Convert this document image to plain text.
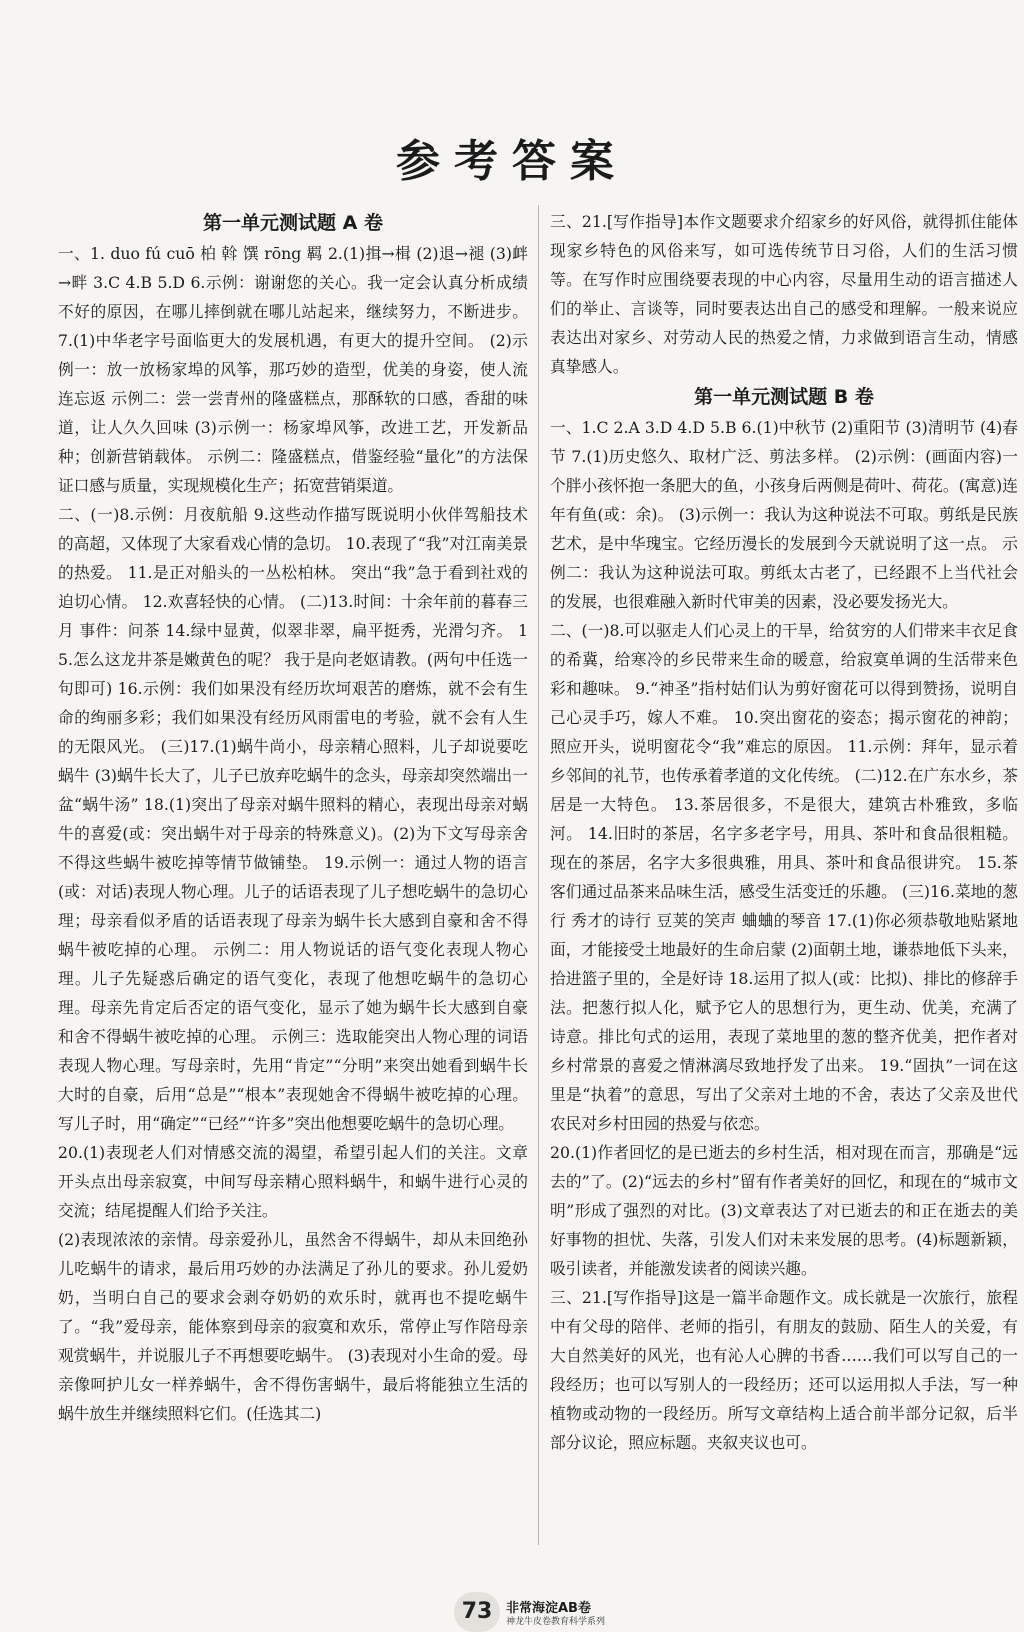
参考答案
第一单元测试题 A 卷

一、1. duo fú cuō 柏 斡 馔 rōng 羁 2.(1)揖→楫 (2)退→褪 (3)衅→畔 3.C 4.B 5.D 6.示例：谢谢您的关心。我一定会认真分析成绩不好的原因，在哪儿摔倒就在哪儿站起来，继续努力，不断进步。 7.(1)中华老字号面临更大的发展机遇，有更大的提升空间。 (2)示例一：放一放杨家埠的风筝，那巧妙的造型，优美的身姿，使人流连忘返 示例二：尝一尝青州的隆盛糕点，那酥软的口感，香甜的味道，让人久久回味 (3)示例一：杨家埠风筝，改进工艺，开发新品种；创新营销载体。 示例二：隆盛糕点，借鉴经验“量化”的方法保证口感与质量，实现规模化生产；拓宽营销渠道。

二、(一)8.示例：月夜航船 9.这些动作描写既说明小伙伴驾船技术的高超，又体现了大家看戏心情的急切。 10.表现了“我”对江南美景的热爱。 11.是正对船头的一丛松柏林。 突出“我”急于看到社戏的迫切心情。 12.欢喜轻快的心情。 (二)13.时间：十余年前的暮春三月 事件：问茶 14.绿中显黄，似翠非翠，扁平挺秀，光滑匀齐。 15.怎么这龙井茶是嫩黄色的呢？ 我于是向老妪请教。(两句中任选一句即可) 16.示例：我们如果没有经历坎坷艰苦的磨炼，就不会有生命的绚丽多彩；我们如果没有经历风雨雷电的考验，就不会有人生的无限风光。 (三)17.(1)蜗牛尚小，母亲精心照料，儿子却说要吃蜗牛 (3)蜗牛长大了，儿子已放弃吃蜗牛的念头，母亲却突然端出一盆“蜗牛汤” 18.(1)突出了母亲对蜗牛照料的精心，表现出母亲对蜗牛的喜爱(或：突出蜗牛对于母亲的特殊意义)。(2)为下文写母亲舍不得这些蜗牛被吃掉等情节做铺垫。 19.示例一：通过人物的语言(或：对话)表现人物心理。儿子的话语表现了儿子想吃蜗牛的急切心理；母亲看似矛盾的话语表现了母亲为蜗牛长大感到自豪和舍不得蜗牛被吃掉的心理。 示例二：用人物说话的语气变化表现人物心理。儿子先疑惑后确定的语气变化，表现了他想吃蜗牛的急切心理。母亲先肯定后否定的语气变化，显示了她为蜗牛长大感到自豪和舍不得蜗牛被吃掉的心理。 示例三：选取能突出人物心理的词语表现人物心理。写母亲时，先用“肯定”“分明”来突出她看到蜗牛长大时的自豪，后用“总是”“根本”表现她舍不得蜗牛被吃掉的心理。写儿子时，用“确定”“已经”“许多”突出他想要吃蜗牛的急切心理。

20.(1)表现老人们对情感交流的渴望，希望引起人们的关注。文章开头点出母亲寂寞，中间写母亲精心照料蜗牛，和蜗牛进行心灵的交流；结尾提醒人们给予关注。

(2)表现浓浓的亲情。母亲爱孙儿，虽然舍不得蜗牛，却从未回绝孙儿吃蜗牛的请求，最后用巧妙的办法满足了孙儿的要求。孙儿爱奶奶，当明白自己的要求会剥夺奶奶的欢乐时，就再也不提吃蜗牛了。“我”爱母亲，能体察到母亲的寂寞和欢乐，常停止写作陪母亲观赏蜗牛，并说服儿子不再想要吃蜗牛。 (3)表现对小生命的爱。母亲像呵护儿女一样养蜗牛，舍不得伤害蜗牛，最后将能独立生活的蜗牛放生并继续照料它们。(任选其二)

三、21.[写作指导]本作文题要求介绍家乡的好风俗，就得抓住能体现家乡特色的风俗来写，如可选传统节日习俗，人们的生活习惯等。在写作时应围绕要表现的中心内容，尽量用生动的语言描述人们的举止、言谈等，同时要表达出自己的感受和理解。一般来说应表达出对家乡、对劳动人民的热爱之情，力求做到语言生动，情感真挚感人。

第一单元测试题 B 卷

一、1.C 2.A 3.D 4.D 5.B 6.(1)中秋节 (2)重阳节 (3)清明节 (4)春节 7.(1)历史悠久、取材广泛、剪法多样。 (2)示例：(画面内容)一个胖小孩怀抱一条肥大的鱼，小孩身后两侧是荷叶、荷花。(寓意)连年有鱼(或：余)。 (3)示例一：我认为这种说法不可取。剪纸是民族艺术，是中华瑰宝。它经历漫长的发展到今天就说明了这一点。 示例二：我认为这种说法可取。剪纸太古老了，已经跟不上当代社会的发展，也很难融入新时代审美的因素，没必要发扬光大。

二、(一)8.可以驱走人们心灵上的干旱，给贫穷的人们带来丰衣足食的希冀，给寒冷的乡民带来生命的暖意，给寂寞单调的生活带来色彩和趣味。 9.“神圣”指村姑们认为剪好窗花可以得到赞扬，说明自己心灵手巧，嫁人不难。 10.突出窗花的姿态；揭示窗花的神韵；照应开头，说明窗花令“我”难忘的原因。 11.示例：拜年，显示着乡邻间的礼节，也传承着孝道的文化传统。 (二)12.在广东水乡，茶居是一大特色。 13.茶居很多，不是很大，建筑古朴雅致，多临河。 14.旧时的茶居，名字多老字号，用具、茶叶和食品很粗糙。现在的茶居，名字大多很典雅，用具、茶叶和食品很讲究。 15.茶客们通过品茶来品味生活，感受生活变迁的乐趣。 (三)16.菜地的葱行 秀才的诗行 豆荚的笑声 蛐蛐的琴音 17.(1)你必须恭敬地贴紧地面，才能接受土地最好的生命启蒙 (2)面朝土地，谦恭地低下头来，拾进篮子里的，全是好诗 18.运用了拟人(或：比拟)、排比的修辞手法。把葱行拟人化，赋予它人的思想行为，更生动、优美，充满了诗意。排比句式的运用，表现了菜地里的葱的整齐优美，把作者对乡村常景的喜爱之情淋漓尽致地抒发了出来。 19.“固执”一词在这里是“执着”的意思，写出了父亲对土地的不舍，表达了父亲及世代农民对乡村田园的热爱与依恋。

20.(1)作者回忆的是已逝去的乡村生活，相对现在而言，那确是“远去的”了。(2)“远去的乡村”留有作者美好的回忆，和现在的“城市文明”形成了强烈的对比。(3)文章表达了对已逝去的和正在逝去的美好事物的担忧、失落，引发人们对未来发展的思考。(4)标题新颖，吸引读者，并能激发读者的阅读兴趣。

三、21.[写作指导]这是一篇半命题作文。成长就是一次旅行，旅程中有父母的陪伴、老师的指引，有朋友的鼓励、陌生人的关爱，有大自然美好的风光，也有沁人心脾的书香……我们可以写自己的一段经历；也可以写别人的一段经历；还可以运用拟人手法，写一种植物或动物的一段经历。所写文章结构上适合前半部分记叙，后半部分议论，照应标题。夹叙夹议也可。

73	非常海淀AB卷
神龙牛皮卷教育科学系列
